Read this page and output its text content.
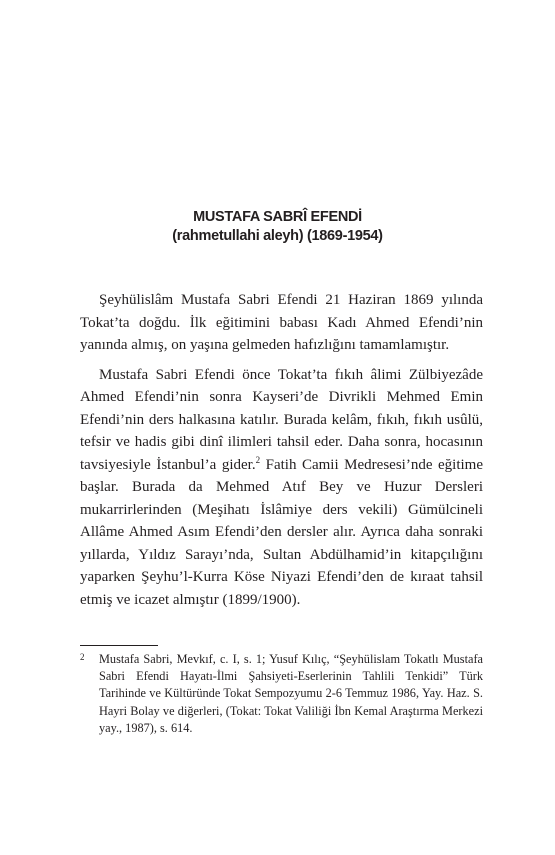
MUSTAFA SABRÎ EFENDİ
(rahmetullahi aleyh) (1869-1954)

Şeyhülislâm Mustafa Sabri Efendi 21 Haziran 1869 yılında Tokat’ta doğdu. İlk eğitimini babası Kadı Ahmed Efendi’nin yanında almış, on yaşına gelmeden hafızlığını tamamlamıştır.

Mustafa Sabri Efendi önce Tokat’ta fıkıh âlimi Zülbiyezâde Ahmed Efendi’nin sonra Kayseri’de Divrikli Mehmed Emin Efendi’nin ders halkasına katılır. Burada kelâm, fıkıh, fıkıh usûlü, tefsir ve hadis gibi dinî ilimleri tahsil eder. Daha sonra, hocasının tavsiyesiyle İstanbul’a gider.$^2$ Fatih Camii Medresesi’nde eğitime başlar. Burada da Mehmed Atıf Bey ve Huzur Dersleri mukarrirlerinden (Meşihatı İslâmiye ders vekili) Gümülcineli Allâme Ahmed Asım Efendi’den dersler alır. Ayrıca daha sonraki yıllarda, Yıldız Sarayı’nda, Sultan Abdülhamid’in kitapçılığını yaparken Şeyhu’l-Kurra Köse Niyazi Efendi’den de kıraat tahsil etmiş ve icazet almıştır (1899/1900).

2 Mustafa Sabri, Mevkıf, c. I, s. 1; Yusuf Kılıç, “Şeyhülislam Tokatlı Mustafa Sabri Efendi Hayatı-İlmi Şahsiyeti-Eserlerinin Tahlili Tenkidi” Türk Tarihinde ve Kültüründe Tokat Sempozyumu 2-6 Temmuz 1986, Yay. Haz. S. Hayri Bolay ve diğerleri, (Tokat: Tokat Valiliği İbn Kemal Araştırma Merkezi yay., 1987), s. 614.
